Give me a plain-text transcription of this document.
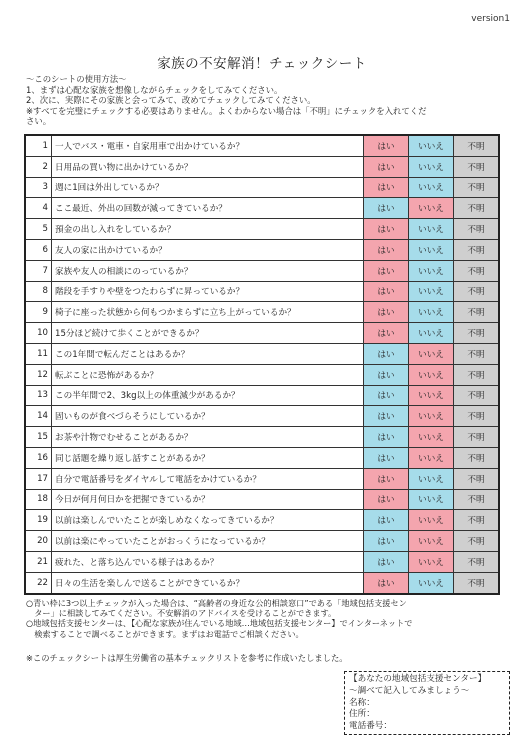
version1
家族の不安解消！チェックシート
〜このシートの使用方法〜
1、まずは心配な家族を想像しながらチェックをしてみてください。
2、次に、実際にその家族と会ってみて、改めてチェックしてみてください。
※すべてを完璧にチェックする必要はありません。よくわからない場合は「不明」にチェックを入れてくだ
さい。
1	一人でバス・電車・自家用車で出かけているか？	はい	いいえ	不明
2	日用品の買い物に出かけているか？	はい	いいえ	不明
3	週に1回は外出しているか？	はい	いいえ	不明
4	ここ最近、外出の回数が減ってきているか？	はい	いいえ	不明
5	預金の出し入れをしているか？	はい	いいえ	不明
6	友人の家に出かけているか？	はい	いいえ	不明
7	家族や友人の相談にのっているか？	はい	いいえ	不明
8	階段を手すりや壁をつたわらずに昇っているか？	はい	いいえ	不明
9	椅子に座った状態から何もつかまらずに立ち上がっているか？	はい	いいえ	不明
10	15分ほど続けて歩くことができるか？	はい	いいえ	不明
11	この1年間で転んだことはあるか？	はい	いいえ	不明
12	転ぶことに恐怖があるか？	はい	いいえ	不明
13	この半年間で2、3kg以上の体重減少があるか？	はい	いいえ	不明
14	固いものが食べづらそうにしているか？	はい	いいえ	不明
15	お茶や汁物でむせることがあるか？	はい	いいえ	不明
16	同じ話題を繰り返し話すことがあるか？	はい	いいえ	不明
17	自分で電話番号をダイヤルして電話をかけているか？	はい	いいえ	不明
18	今日が何月何日かを把握できているか？	はい	いいえ	不明
19	以前は楽しんでいたことが楽しめなくなってきているか？	はい	いいえ	不明
20	以前は楽にやっていたことがおっくうになっているか？	はい	いいえ	不明
21	疲れた、と落ち込んでいる様子はあるか？	はい	いいえ	不明
22	日々の生活を楽しんで送ることができているか？	はい	いいえ	不明
○青い枠に3つ以上チェックが入った場合は、“高齢者の身近な公的相談窓口”である「地域包括支援セン
　ター」に相談してみてください。不安解消のアドバイスを受けることができます。
○地域包括支援センターは、【心配な家族が住んでいる地域…地域包括支援センター】でインターネットで
　検索することで調べることができます。まずはお電話でご相談ください。
※このチェックシートは厚生労働省の基本チェックリストを参考に作成いたしました。
【あなたの地域包括支援センター】
〜調べて記入してみましょう〜
名称：
住所：
電話番号：
